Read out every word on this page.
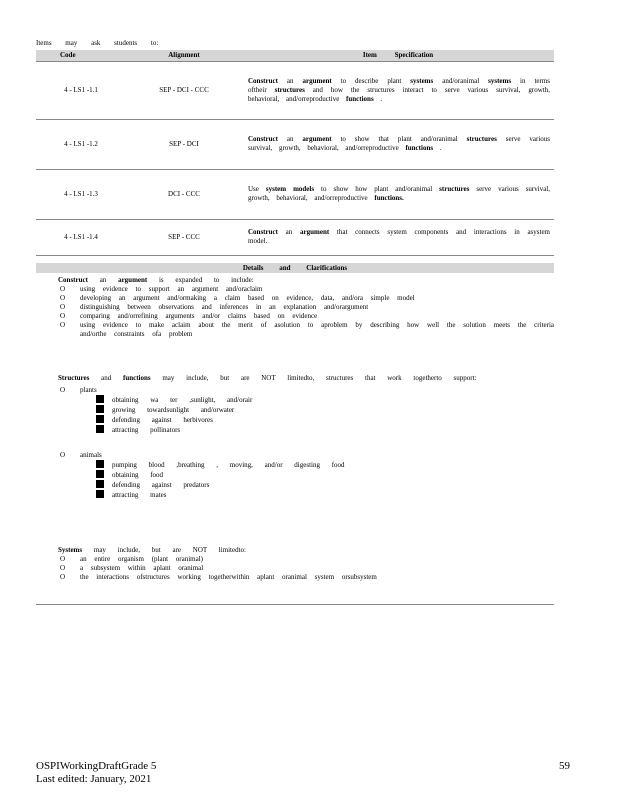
Items may ask students to:
Code	Alignment	Item Specification
4 - LS1 -1.1	SEP - DCI - CCC	Construct an argument to describe plant systems and/oranimal systems in terms oftheir structures and how the structures interact to serve various survival, growth, behavioral, and/orreproductive functions .
4 - LS1 -1.2	SEP - DCI	Construct an argument to show that plant and/oranimal structures serve various survival, growth, behavioral, and/orreproductive functions .
4 - LS1 -1.3	DCI - CCC	Use system models to show how plant and/oranimal structures serve various survival, growth, behavioral, and/orreproductive functions.
4 - LS1 -1.4	SEP - CCC	Construct an argument that connects system components and interactions in asystem model.
Details and Clarifications
Construct an argument is expanded to include:
O using evidence to support an argument and/oraclaim
O developing an argument and/ormaking a claim based on evidence, data, and/ora simple model
O distinguishing between observations and inferences in an explanation and/orargument
O comparing and/orrefining arguments and/or claims based on evidence
O using evidence to make aclaim about the merit of asolution to aproblem by describing how well the solution meets the criteria and/orthe constraints ofa problem
Structures and functions may include, but are NOT limitedto, structures that work togetherto support:
O plants
obtaining wa ter ,sunlight, and/orair
growing towardsunlight and/orwater
defending against herbivores
attracting pollinators
O animals
pumping blood ,breathing , moving, and/or digesting food
obtaining food
defending against predators
attracting mates
Systems may include, but are NOT limitedto:
O an entire organism (plant oranimal)
O a subsystem within aplant oranimal
O the interactions ofstructures working togetherwithin aplant oranimal system orsubsystem
OSPIWorkingDraftGrade 5
Last edited: January, 2021
59
